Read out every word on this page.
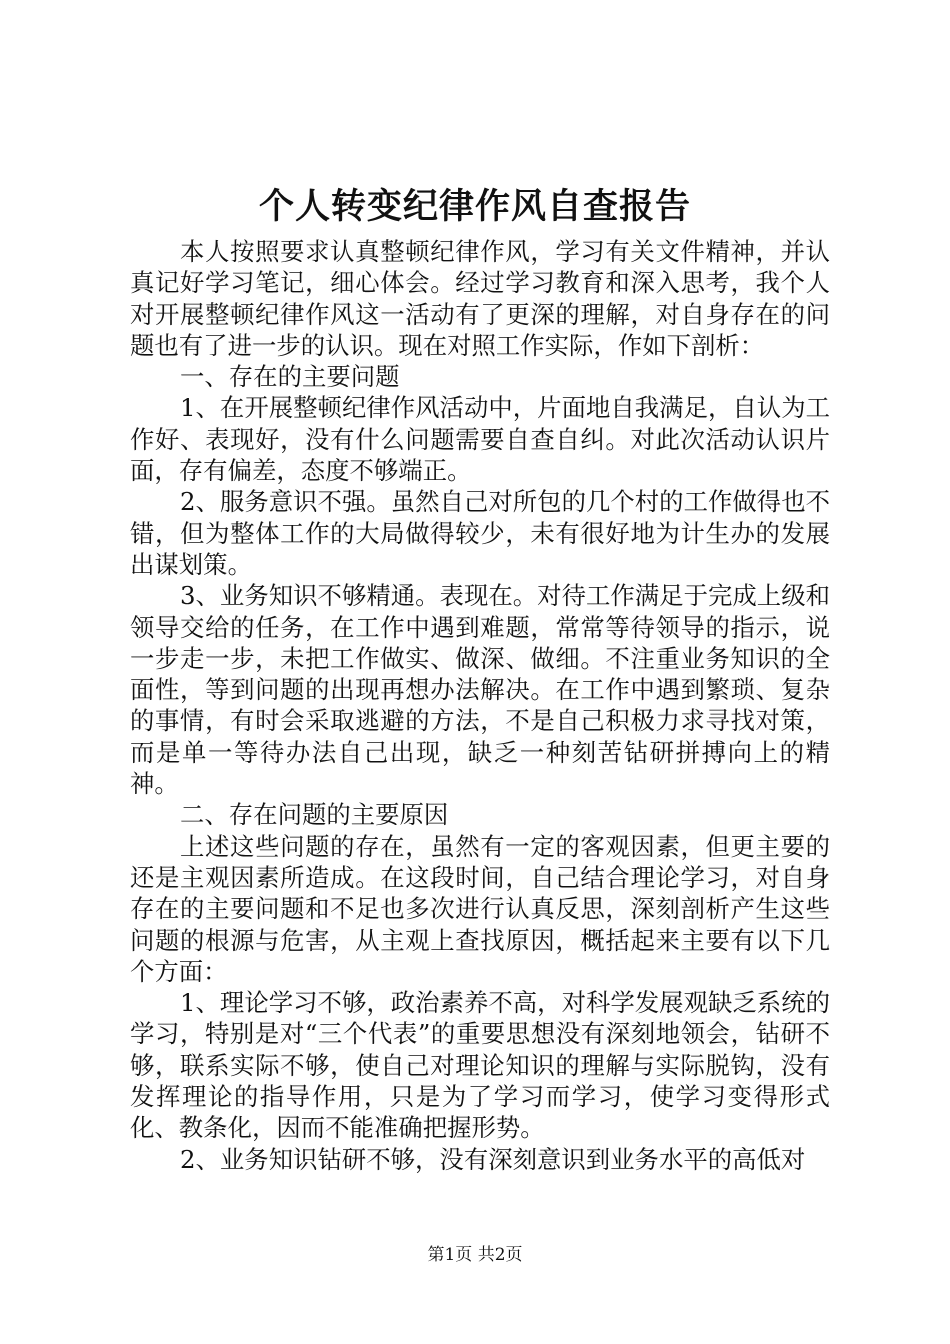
个人转变纪律作风自查报告

本人按照要求认真整顿纪律作风，学习有关文件精神，并认真记好学习笔记，细心体会。经过学习教育和深入思考，我个人对开展整顿纪律作风这一活动有了更深的理解，对自身存在的问题也有了进一步的认识。现在对照工作实际，作如下剖析：

一、存在的主要问题

1、在开展整顿纪律作风活动中，片面地自我满足，自认为工作好、表现好，没有什么问题需要自查自纠。对此次活动认识片面，存有偏差，态度不够端正。

2、服务意识不强。虽然自己对所包的几个村的工作做得也不错，但为整体工作的大局做得较少，未有很好地为计生办的发展出谋划策。

3、业务知识不够精通。表现在。对待工作满足于完成上级和领导交给的任务，在工作中遇到难题，常常等待领导的指示，说一步走一步，未把工作做实、做深、做细。不注重业务知识的全面性，等到问题的出现再想办法解决。在工作中遇到繁琐、复杂的事情，有时会采取逃避的方法，不是自己积极力求寻找对策，而是单一等待办法自己出现，缺乏一种刻苦钻研拼搏向上的精神。

二、存在问题的主要原因

上述这些问题的存在，虽然有一定的客观因素，但更主要的还是主观因素所造成。在这段时间，自己结合理论学习，对自身存在的主要问题和不足也多次进行认真反思，深刻剖析产生这些问题的根源与危害，从主观上查找原因，概括起来主要有以下几个方面：

1、理论学习不够，政治素养不高，对科学发展观缺乏系统的学习，特别是对“三个代表”的重要思想没有深刻地领会，钻研不够，联系实际不够，使自己对理论知识的理解与实际脱钩，没有发挥理论的指导作用，只是为了学习而学习，使学习变得形式化、教条化，因而不能准确把握形势。

2、业务知识钻研不够，没有深刻意识到业务水平的高低对

第1页 共2页
